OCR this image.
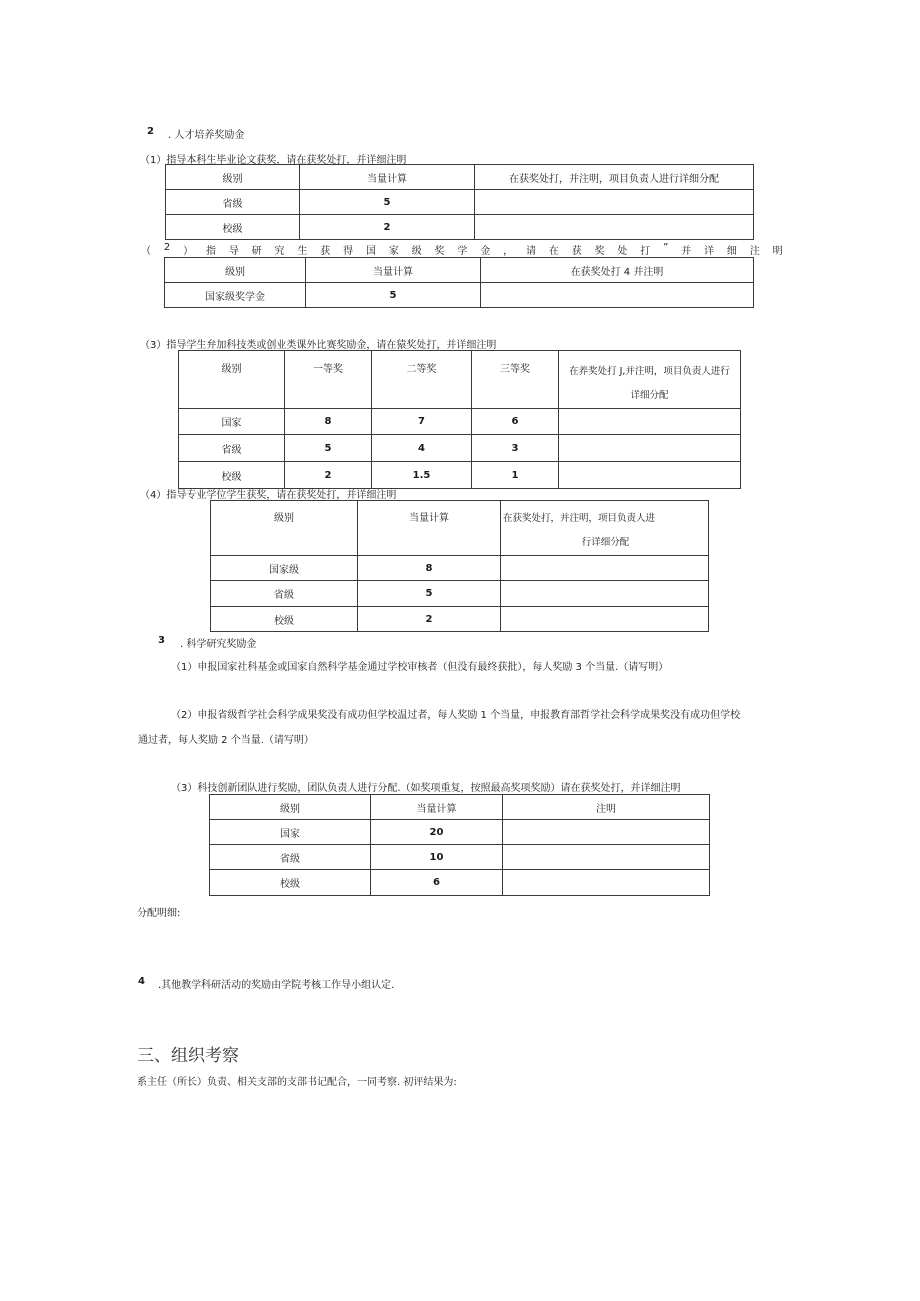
2 . 人才培养奖励金
（1）指导本科生毕业论文获奖，请在获奖处打，并详细注明
级别	当量计算	在获奖处打，并注明，项目负责人进行详细分配
省级	5	
校级	2	
（ 2 ） 指 导 研 究 生 获 得 国 家 级 奖 学 金 ， 请 在 获 奖 处 打 ” 并 详 细 注 明
级别	当量计算	在获奖处打 4 并注明
国家级奖学金	5	
（3）指导学生弁加科技类或创业类课外比赛奖励金，请在猿奖处打，并详细注明
级别	一等奖	二等奖	三等奖	在养奖处打 J,并注明，项目负责人进行
详细分配

国家	8	7	6	
省级	5	4	3	
校级	2	1.5	1	
（4）指导专业学位学生获奖，请在获奖处打，并详细注明
级别	当量计算	在获奖处打，并注明，项目负责人进
行详细分配

国家级	8	
省级	5	
校级	2	
3 . 科学研究奖励金
（1）申报国家社科基金或国家自然科学基金通过学校审核者（但没有最终获批），每人奖励 3 个当量.（请写明）
（2）申报省级哲学社会科学成果奖没有成功但学校温过者，每人奖励 1 个当量，申报教育部哲学社会科学成果奖没有成功但学校
通过者，每人奖励 2 个当量.（请写明）
（3）科技创新团队进行奖励，团队负责人进行分配.（如奖项重复，按照最高奖项奖励）请在获奖处打，并详细注明
级别	当量计算	注明
国家	20	
省级	10	
校级	6	
分配明细:
4 .其他教学科研活动的奖励由学院考核工作导小组认定.
三、组织考察
系主任（所长）负责、相关支部的支部书记配合，一同考察. 初评结果为:
